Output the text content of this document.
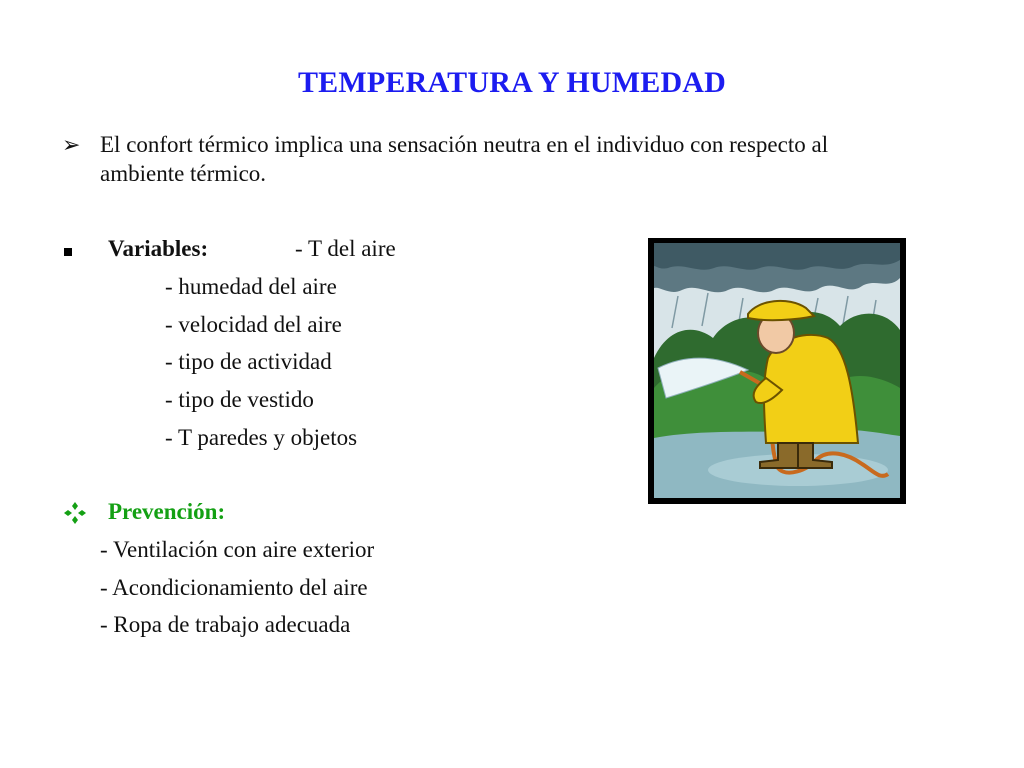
TEMPERATURA Y HUMEDAD
➢ El confort térmico implica una sensación neutra en el individuo con respecto al ambiente térmico.
Variables:	- T del aire
- humedad del aire
- velocidad del aire
- tipo de actividad
- tipo de vestido
- T paredes y objetos
Prevención:
- Ventilación con aire exterior
- Acondicionamiento del aire
- Ropa de trabajo adecuada
